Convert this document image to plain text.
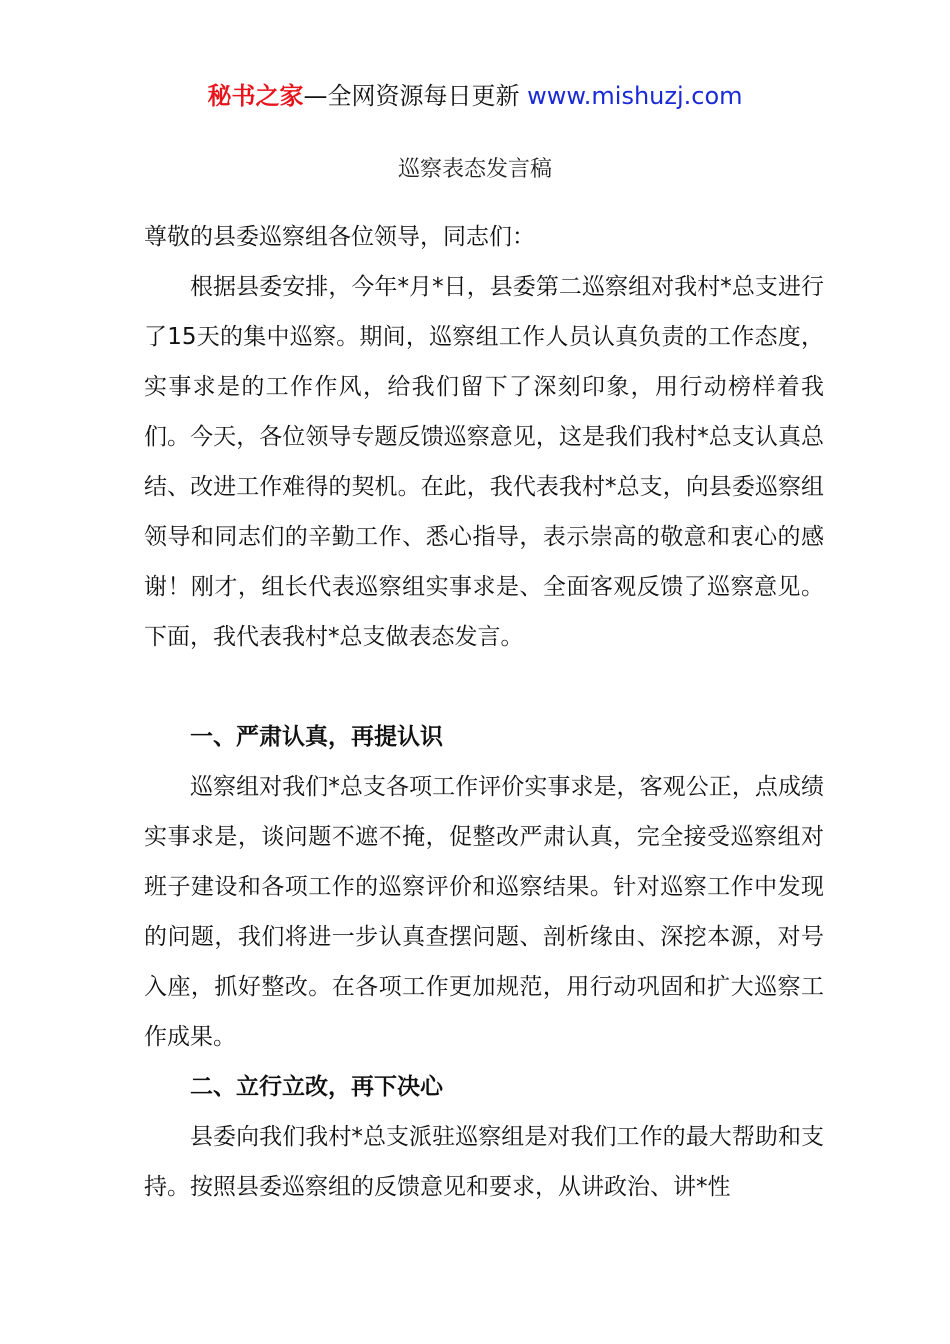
秘书之家—全网资源每日更新 www.mishuzj.com
巡察表态发言稿

尊敬的县委巡察组各位领导，同志们：

根据县委安排，今年*月*日，县委第二巡察组对我村*总支进行了15天的集中巡察。期间，巡察组工作人员认真负责的工作态度，实事求是的工作作风，给我们留下了深刻印象，用行动榜样着我们。今天，各位领导专题反馈巡察意见，这是我们我村*总支认真总结、改进工作难得的契机。在此，我代表我村*总支，向县委巡察组领导和同志们的辛勤工作、悉心指导，表示崇高的敬意和衷心的感谢！刚才，组长代表巡察组实事求是、全面客观反馈了巡察意见。下面，我代表我村*总支做表态发言。

一、严肃认真，再提认识

巡察组对我们*总支各项工作评价实事求是，客观公正，点成绩实事求是，谈问题不遮不掩，促整改严肃认真，完全接受巡察组对班子建设和各项工作的巡察评价和巡察结果。针对巡察工作中发现的问题，我们将进一步认真查摆问题、剖析缘由、深挖本源，对号入座，抓好整改。在各项工作更加规范，用行动巩固和扩大巡察工作成果。

二、立行立改，再下决心

县委向我们我村*总支派驻巡察组是对我们工作的最大帮助和支持。按照县委巡察组的反馈意见和要求，从讲政治、讲*性
